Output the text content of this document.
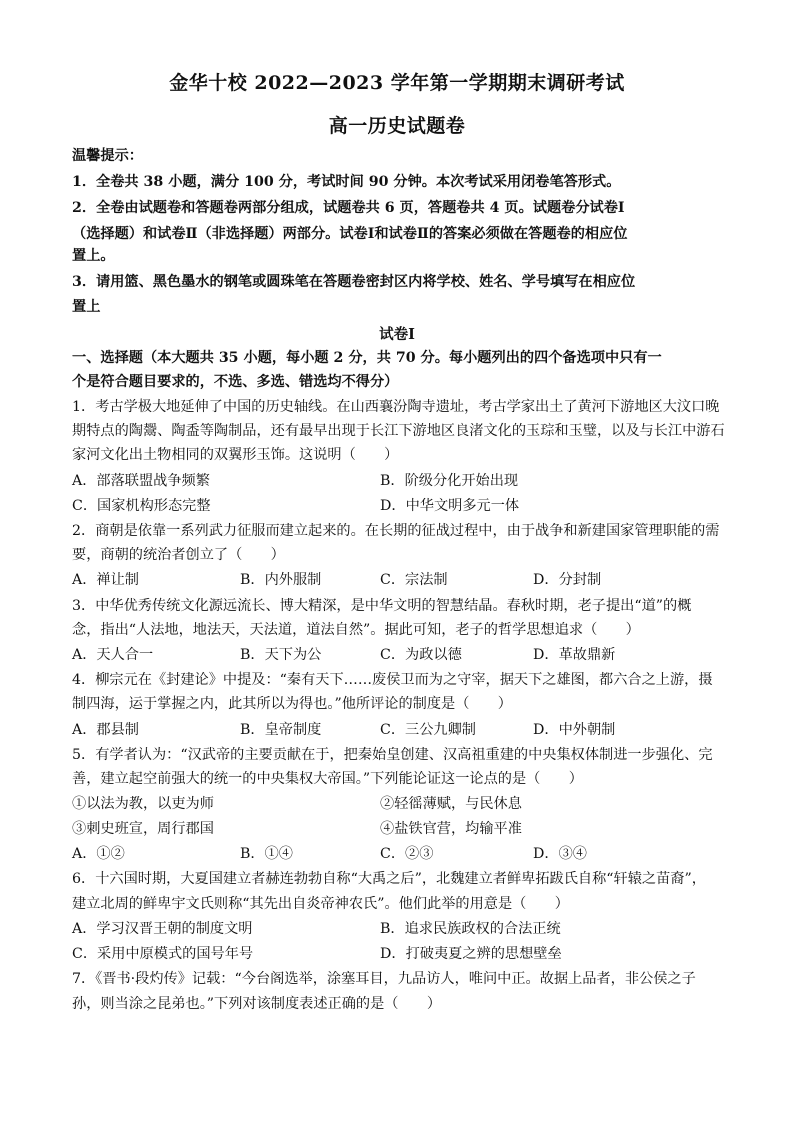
金华十校 2022—2023 学年第一学期期末调研考试
高一历史试题卷
温馨提示：
1．全卷共 38 小题，满分 100 分，考试时间 90 分钟。本次考试采用闭卷笔答形式。
2．全卷由试题卷和答题卷两部分组成，试题卷共 6 页，答题卷共 4 页。试题卷分试卷Ⅰ
（选择题）和试卷Ⅱ（非选择题）两部分。试卷Ⅰ和试卷Ⅱ的答案必须做在答题卷的相应位
置上。
3．请用篮、黑色墨水的钢笔或圆珠笔在答题卷密封区内将学校、姓名、学号填写在相应位
置上
试卷Ⅰ
一、选择题（本大题共 35 小题，每小题 2 分，共 70 分。每小题列出的四个备选项中只有一
个是符合题目要求的，不选、多选、错选均不得分）
1．考古学极大地延伸了中国的历史轴线。在山西襄汾陶寺遗址，考古学家出土了黄河下游地区大汶口晚
期特点的陶鬶、陶盉等陶制品，还有最早出现于长江下游地区良渚文化的玉琮和玉璧，以及与长江中游石
家河文化出土物相同的双翼形玉饰。这说明（　　）
A．部落联盟战争频繁	B．阶级分化开始出现
C．国家机构形态完整	D．中华文明多元一体
2．商朝是依靠一系列武力征服而建立起来的。在长期的征战过程中，由于战争和新建国家管理职能的需
要，商朝的统治者创立了（　　）
A．禅让制	B．内外服制	C．宗法制	D．分封制
3．中华优秀传统文化源远流长、博大精深，是中华文明的智慧结晶。春秋时期，老子提出“道”的概
念，指出“人法地，地法天，天法道，道法自然”。据此可知，老子的哲学思想追求（　　）
A．天人合一	B．天下为公	C．为政以德	D．革故鼎新
4．柳宗元在《封建论》中提及：“秦有天下……废侯卫而为之守宰，据天下之雄图，都六合之上游，摄
制四海，运于掌握之内，此其所以为得也。”他所评论的制度是（　　）
A．郡县制	B．皇帝制度	C．三公九卿制	D．中外朝制
5．有学者认为：“汉武帝的主要贡献在于，把秦始皇创建、汉高祖重建的中央集权体制进一步强化、完
善，建立起空前强大的统一的中央集权大帝国。”下列能论证这一论点的是（　　）
①以法为教，以吏为师	②轻徭薄赋，与民休息
③刺史班宣，周行郡国	④盐铁官营，均输平准
A．①②	B．①④	C．②③	D．③④
6．十六国时期，大夏国建立者赫连勃勃自称“大禹之后”，北魏建立者鲜卑拓跋氏自称“轩辕之苗裔”，
建立北周的鲜卑宇文氏则称“其先出自炎帝神农氏”。他们此举的用意是（　　）
A．学习汉晋王朝的制度文明	B．追求民族政权的合法正统
C．采用中原模式的国号年号	D．打破夷夏之辨的思想壁垒
7．《晋书·段灼传》记载：“今台阁选举，涂塞耳目，九品访人，唯问中正。故据上品者，非公侯之子
孙，则当涂之昆弟也。”下列对该制度表述正确的是（　　）
